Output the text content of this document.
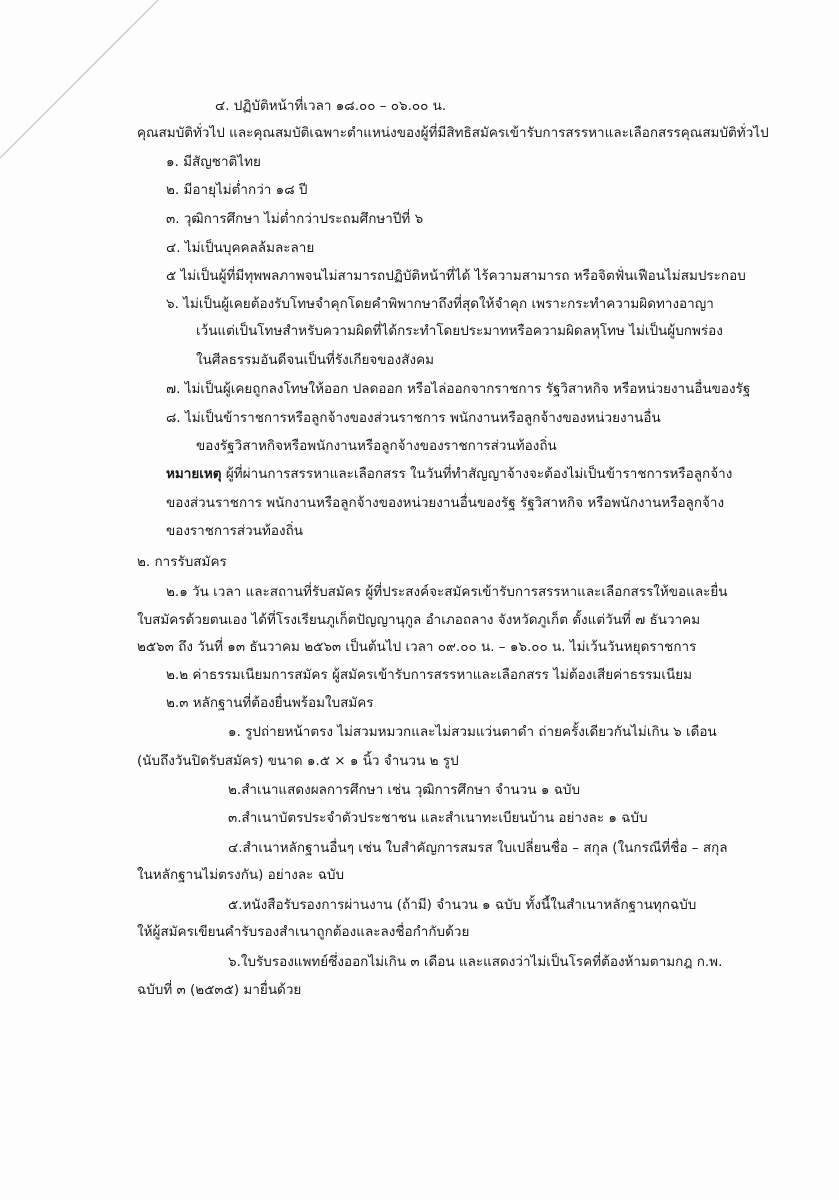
๔. ปฏิบัติหน้าที่เวลา ๑๘.๐๐ – ๐๖.๐๐ น.
คุณสมบัติทั่วไป และคุณสมบัติเฉพาะตำแหน่งของผู้ที่มีสิทธิสมัครเข้ารับการสรรหาและเลือกสรรคุณสมบัติทั่วไป
๑. มีสัญชาติไทย
๒. มีอายุไม่ต่ำกว่า ๑๘ ปี
๓. วุฒิการศึกษา ไม่ต่ำกว่าประถมศึกษาปีที่ ๖
๔. ไม่เป็นบุคคลล้มละลาย
๕ ไม่เป็นผู้ที่มีทุพพลภาพจนไม่สามารถปฏิบัติหน้าที่ได้ ไร้ความสามารถ หรือจิตฟั่นเฟือนไม่สมประกอบ
๖. ไม่เป็นผู้เคยต้องรับโทษจำคุกโดยคำพิพากษาถึงที่สุดให้จำคุก เพราะกระทำความผิดทางอาญา
เว้นแต่เป็นโทษสำหรับความผิดที่ได้กระทำโดยประมาทหรือความผิดลหุโทษ ไม่เป็นผู้บกพร่อง
ในศีลธรรมอันดีจนเป็นที่รังเกียจของสังคม
๗. ไม่เป็นผู้เคยถูกลงโทษให้ออก ปลดออก หรือไล่ออกจากราชการ รัฐวิสาหกิจ หรือหน่วยงานอื่นของรัฐ
๘. ไม่เป็นข้าราชการหรือลูกจ้างของส่วนราชการ พนักงานหรือลูกจ้างของหน่วยงานอื่น
ของรัฐวิสาหกิจหรือพนักงานหรือลูกจ้างของราชการส่วนท้องถิ่น
หมายเหตุ ผู้ที่ผ่านการสรรหาและเลือกสรร ในวันที่ทำสัญญาจ้างจะต้องไม่เป็นข้าราชการหรือลูกจ้าง
ของส่วนราชการ พนักงานหรือลูกจ้างของหน่วยงานอื่นของรัฐ รัฐวิสาหกิจ หรือพนักงานหรือลูกจ้าง
ของราชการส่วนท้องถิ่น
๒. การรับสมัคร
๒.๑ วัน เวลา และสถานที่รับสมัคร ผู้ที่ประสงค์จะสมัครเข้ารับการสรรหาและเลือกสรรให้ขอและยื่น
ใบสมัครด้วยตนเอง ได้ที่โรงเรียนภูเก็ตปัญญานุกูล อำเภอถลาง จังหวัดภูเก็ต ตั้งแต่วันที่ ๗ ธันวาคม
๒๕๖๓ ถึง วันที่ ๑๓ ธันวาคม ๒๕๖๓ เป็นต้นไป เวลา ๐๙.๐๐ น. – ๑๖.๐๐ น. ไม่เว้นวันหยุดราชการ
๒.๒ ค่าธรรมเนียมการสมัคร ผู้สมัครเข้ารับการสรรหาและเลือกสรร ไม่ต้องเสียค่าธรรมเนียม
๒.๓ หลักฐานที่ต้องยื่นพร้อมใบสมัคร
๑. รูปถ่ายหน้าตรง ไม่สวมหมวกและไม่สวมแว่นตาดำ ถ่ายครั้งเดียวกันไม่เกิน ๖ เดือน
(นับถึงวันปิดรับสมัคร) ขนาด ๑.๕ × ๑ นิ้ว จำนวน ๒ รูป
๒.สำเนาแสดงผลการศึกษา เช่น วุฒิการศึกษา จำนวน ๑ ฉบับ
๓.สำเนาบัตรประจำตัวประชาชน และสำเนาทะเบียนบ้าน อย่างละ ๑ ฉบับ
๔.สำเนาหลักฐานอื่นๆ เช่น ใบสำคัญการสมรส ใบเปลี่ยนชื่อ – สกุล (ในกรณีที่ชื่อ – สกุล
ในหลักฐานไม่ตรงกัน) อย่างละ ฉบับ
๕.หนังสือรับรองการผ่านงาน (ถ้ามี) จำนวน ๑ ฉบับ ทั้งนี้ในสำเนาหลักฐานทุกฉบับ
ให้ผู้สมัครเขียนคำรับรองสำเนาถูกต้องและลงชื่อกำกับด้วย
๖.ใบรับรองแพทย์ซึ่งออกไม่เกิน ๓ เดือน และแสดงว่าไม่เป็นโรคที่ต้องห้ามตามกฎ ก.พ.
ฉบับที่ ๓ (๒๕๓๕) มายื่นด้วย
